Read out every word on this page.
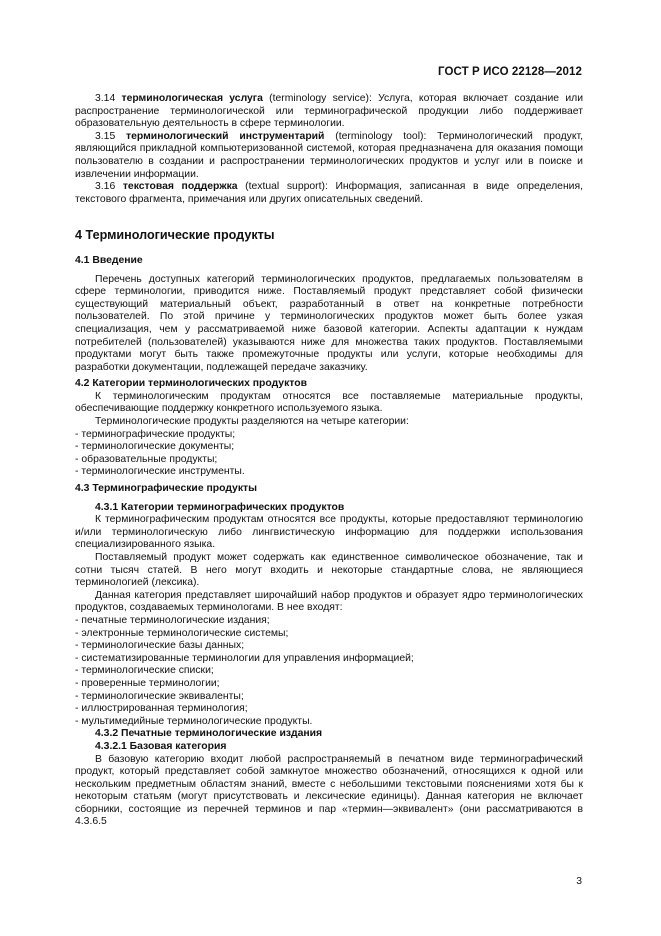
ГОСТ Р ИСО 22128—2012

3.14 терминологическая услуга (terminology service): Услуга, которая включает создание или распространение терминологической или терминографической продукции либо поддерживает образовательную деятельность в сфере терминологии.

3.15 терминологический инструментарий (terminology tool): Терминологический продукт, являющийся прикладной компьютеризованной системой, которая предназначена для оказания помощи пользователю в создании и распространении терминологических продуктов и услуг или в поиске и извлечении информации.

3.16 текстовая поддержка (textual support): Информация, записанная в виде определения, текстового фрагмента, примечания или других описательных сведений.

4 Терминологические продукты

4.1 Введение

Перечень доступных категорий терминологических продуктов, предлагаемых пользователям в сфере терминологии, приводится ниже. Поставляемый продукт представляет собой физически существующий материальный объект, разработанный в ответ на конкретные потребности пользователей. По этой причине у терминологических продуктов может быть более узкая специализация, чем у рассматриваемой ниже базовой категории. Аспекты адаптации к нуждам потребителей (пользователей) указываются ниже для множества таких продуктов. Поставляемыми продуктами могут быть также промежуточные продукты или услуги, которые необходимы для разработки документации, подлежащей передаче заказчику.

4.2 Категории терминологических продуктов

К терминологическим продуктам относятся все поставляемые материальные продукты, обеспечивающие поддержку конкретного используемого языка.

Терминологические продукты разделяются на четыре категории:

- терминографические продукты;
- терминологические документы;
- образовательные продукты;
- терминологические инструменты.

4.3 Терминографические продукты

4.3.1 Категории терминографических продуктов

К терминографическим продуктам относятся все продукты, которые предоставляют терминологию и/или терминологическую либо лингвистическую информацию для поддержки использования специализированного языка.

Поставляемый продукт может содержать как единственное символическое обозначение, так и сотни тысяч статей. В него могут входить и некоторые стандартные слова, не являющиеся терминологией (лексика).

Данная категория представляет широчайший набор продуктов и образует ядро терминологических продуктов, создаваемых терминологами. В нее входят:

- печатные терминологические издания;
- электронные терминологические системы;
- терминологические базы данных;
- систематизированные терминологии для управления информацией;
- терминологические списки;
- проверенные терминологии;
- терминологические эквиваленты;
- иллюстрированная терминология;
- мультимедийные терминологические продукты.

4.3.2 Печатные терминологические издания

4.3.2.1 Базовая категория

В базовую категорию входит любой распространяемый в печатном виде терминографический продукт, который представляет собой замкнутое множество обозначений, относящихся к одной или нескольким предметным областям знаний, вместе с небольшими текстовыми пояснениями хотя бы к некоторым статьям (могут присутствовать и лексические единицы). Данная категория не включает сборники, состоящие из перечней терминов и пар «термин—эквивалент» (они рассматриваются в 4.3.6.5

3
